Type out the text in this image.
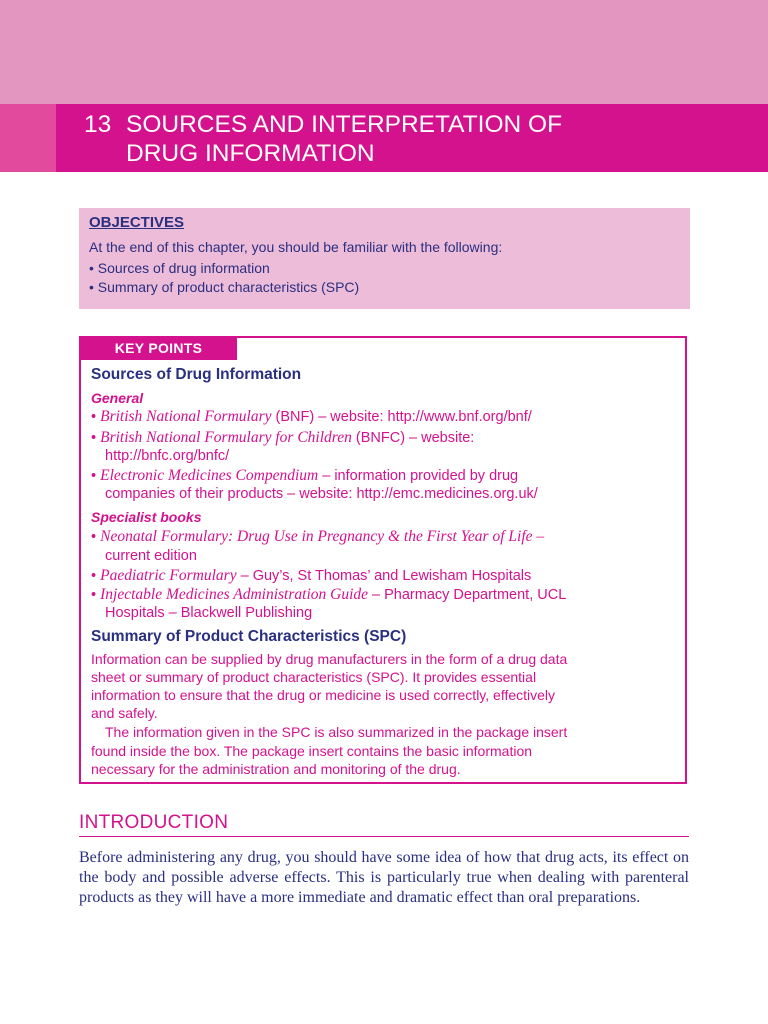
13 SOURCES AND INTERPRETATION OF
DRUG INFORMATION
OBJECTIVES
At the end of this chapter, you should be familiar with the following:
• Sources of drug information
• Summary of product characteristics (SPC)
KEY POINTS
Sources of Drug Information
General
• British National Formulary (BNF) – website: http://www.bnf.org/bnf/
• British National Formulary for Children (BNFC) – website:
http://bnfc.org/bnfc/
• Electronic Medicines Compendium – information provided by drug
companies of their products – website: http://emc.medicines.org.uk/
Specialist books
• Neonatal Formulary: Drug Use in Pregnancy & the First Year of Life –
current edition
• Paediatric Formulary – Guy’s, St Thomas’ and Lewisham Hospitals
• Injectable Medicines Administration Guide – Pharmacy Department, UCL
Hospitals – Blackwell Publishing
Summary of Product Characteristics (SPC)
Information can be supplied by drug manufacturers in the form of a drug data
sheet or summary of product characteristics (SPC). It provides essential
information to ensure that the drug or medicine is used correctly, effectively
and safely.
The information given in the SPC is also summarized in the package insert
found inside the box. The package insert contains the basic information
necessary for the administration and monitoring of the drug.
INTRODUCTION
Before administering any drug, you should have some idea of how that drug acts, its effect on the body and possible adverse effects. This is particularly true when dealing with parenteral products as they will have a more immediate and dramatic effect than oral preparations.
